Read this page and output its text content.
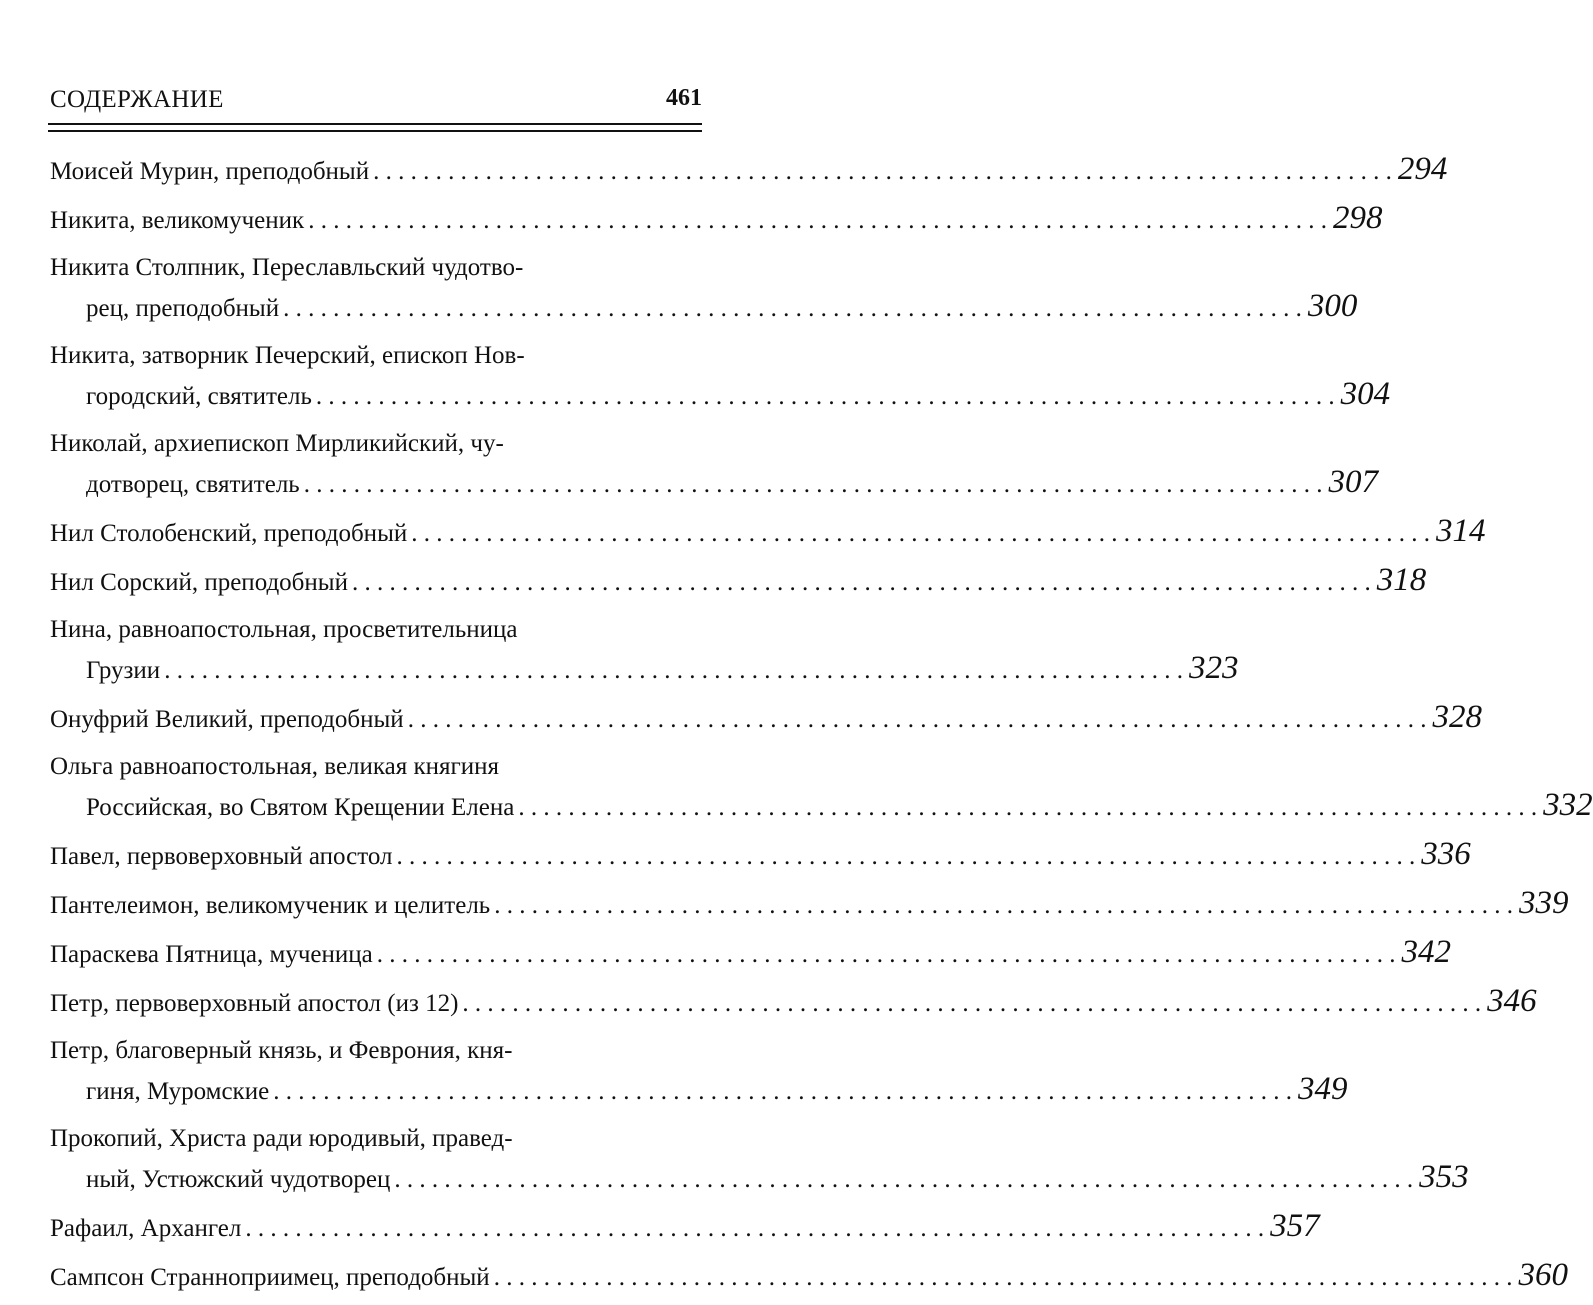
СОДЕРЖАНИЕ	461
Моисей Мурин, преподобный . . .	294
Никита, великомученик . . .	298
Никита Столпник, Переславльский чудотво-
рец, преподобный . . .	300
Никита, затворник Печерский, епископ Нов-
городский, святитель . . .	304
Николай, архиепископ Мирликийский, чу-
дотворец, святитель . . .	307
Нил Столобенский, преподобный . . .	314
Нил Сорский, преподобный . . .	318
Нина, равноапостольная, просветительница
Грузии . . .	323
Онуфрий Великий, преподобный . . .	328
Ольга равноапостольная, великая княгиня
Российская, во Святом Крещении Елена . . .	332
Павел, первоверховный апостол . . .	336
Пантелеимон, великомученик и целитель . . .	339
Параскева Пятница, мученица . . .	342
Петр, первоверховный апостол (из 12) . . .	346
Петр, благоверный князь, и Феврония, кня-
гиня, Муромские . . .	349
Прокопий, Христа ради юродивый, правед-
ный, Устюжский чудотворец . . .	353
Рафаил, Архангел . . .	357
Сампсон Странноприимец, преподобный . . .	360
